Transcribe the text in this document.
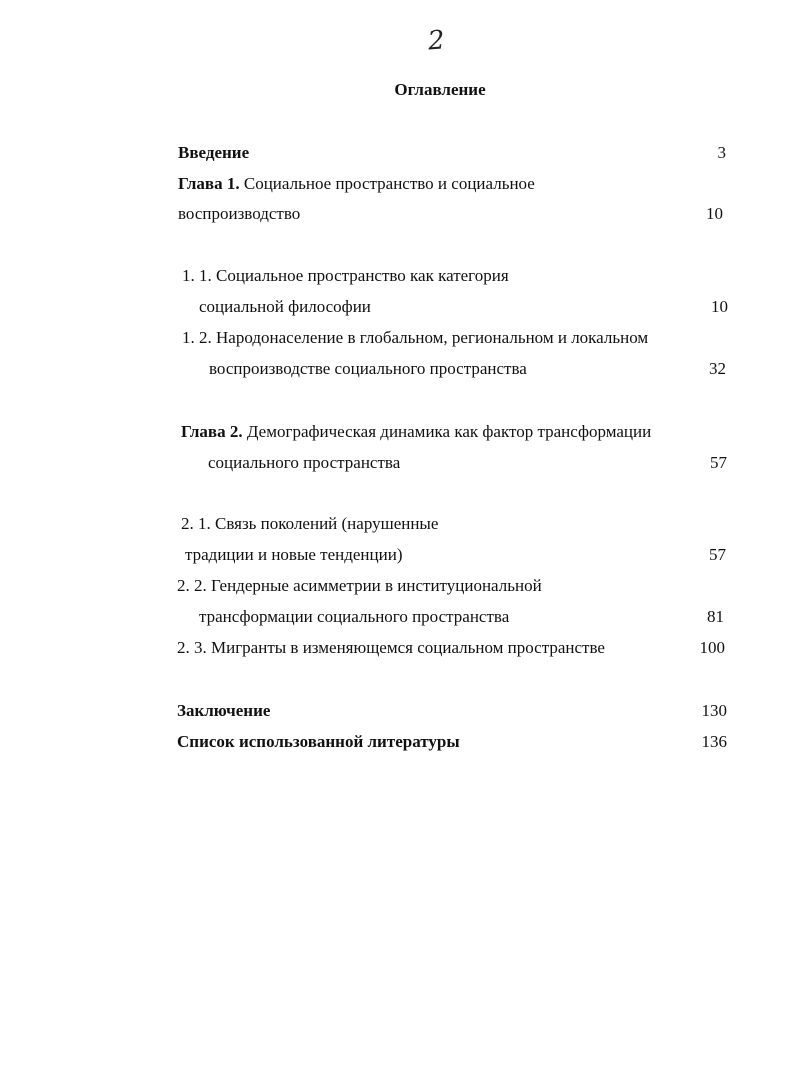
2
Оглавление
Введение	3
Глава 1. Социальное пространство и социальное
воспроизводство	10
1. 1. Социальное пространство как категория
социальной философии	10
1. 2. Народонаселение в глобальном, региональном и локальном
воспроизводстве социального пространства	32
Глава 2. Демографическая динамика как фактор трансформации
социального пространства	57
2. 1. Связь поколений (нарушенные
традиции и новые тенденции)	57
2. 2. Гендерные асимметрии в институциональной
трансформации социального пространства	81
2. 3. Мигранты в изменяющемся социальном пространстве	100
Заключение	130
Список использованной литературы	136
